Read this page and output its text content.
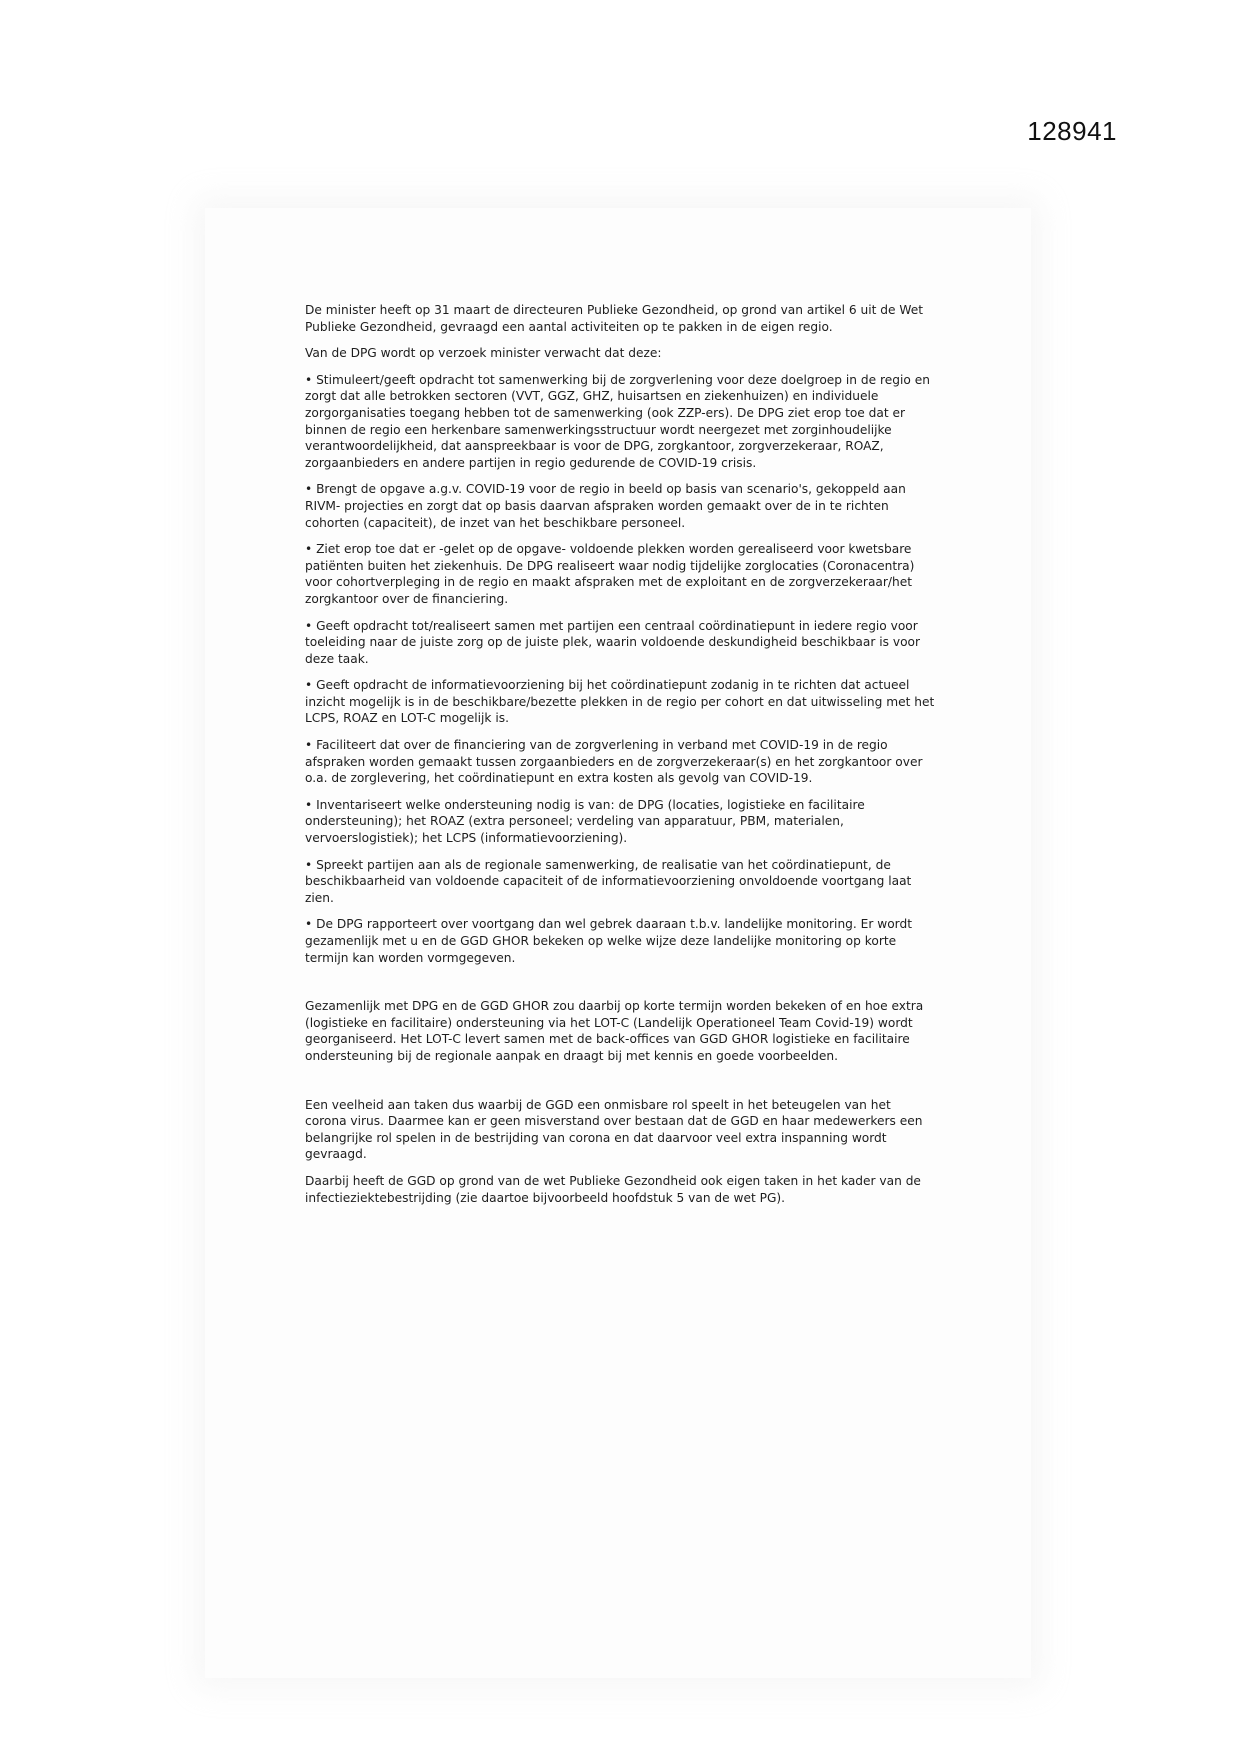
128941

De minister heeft op 31 maart de directeuren Publieke Gezondheid, op grond van artikel 6 uit de Wet Publieke Gezondheid, gevraagd een aantal activiteiten op te pakken in de eigen regio.

Van de DPG wordt op verzoek minister verwacht dat deze:

• Stimuleert/geeft opdracht tot samenwerking bij de zorgverlening voor deze doelgroep in de regio en zorgt dat alle betrokken sectoren (VVT, GGZ, GHZ, huisartsen en ziekenhuizen) en individuele zorgorganisaties toegang hebben tot de samenwerking (ook ZZP-ers). De DPG ziet erop toe dat er binnen de regio een herkenbare samenwerkingsstructuur wordt neergezet met zorginhoudelijke verantwoordelijkheid, dat aanspreekbaar is voor de DPG, zorgkantoor, zorgverzekeraar, ROAZ, zorgaanbieders en andere partijen in regio gedurende de COVID-19 crisis.

• Brengt de opgave a.g.v. COVID-19 voor de regio in beeld op basis van scenario's, gekoppeld aan RIVM- projecties en zorgt dat op basis daarvan afspraken worden gemaakt over de in te richten cohorten (capaciteit), de inzet van het beschikbare personeel.

• Ziet erop toe dat er -gelet op de opgave- voldoende plekken worden gerealiseerd voor kwetsbare patiënten buiten het ziekenhuis. De DPG realiseert waar nodig tijdelijke zorglocaties (Coronacentra) voor cohortverpleging in de regio en maakt afspraken met de exploitant en de zorgverzekeraar/het zorgkantoor over de financiering.

• Geeft opdracht tot/realiseert samen met partijen een centraal coördinatiepunt in iedere regio voor toeleiding naar de juiste zorg op de juiste plek, waarin voldoende deskundigheid beschikbaar is voor deze taak.

• Geeft opdracht de informatievoorziening bij het coördinatiepunt zodanig in te richten dat actueel inzicht mogelijk is in de beschikbare/bezette plekken in de regio per cohort en dat uitwisseling met het LCPS, ROAZ en LOT-C mogelijk is.

• Faciliteert dat over de financiering van de zorgverlening in verband met COVID-19 in de regio afspraken worden gemaakt tussen zorgaanbieders en de zorgverzekeraar(s) en het zorgkantoor over o.a. de zorglevering, het coördinatiepunt en extra kosten als gevolg van COVID-19.

• Inventariseert welke ondersteuning nodig is van: de DPG (locaties, logistieke en facilitaire ondersteuning); het ROAZ (extra personeel; verdeling van apparatuur, PBM, materialen, vervoerslogistiek); het LCPS (informatievoorziening).

• Spreekt partijen aan als de regionale samenwerking, de realisatie van het coördinatiepunt, de beschikbaarheid van voldoende capaciteit of de informatievoorziening onvoldoende voortgang laat zien.

• De DPG rapporteert over voortgang dan wel gebrek daaraan t.b.v. landelijke monitoring. Er wordt gezamenlijk met u en de GGD GHOR bekeken op welke wijze deze landelijke monitoring op korte termijn kan worden vormgegeven.

Gezamenlijk met DPG en de GGD GHOR zou daarbij op korte termijn worden bekeken of en hoe extra (logistieke en facilitaire) ondersteuning via het LOT-C (Landelijk Operationeel Team Covid-19) wordt georganiseerd. Het LOT-C levert samen met de back-offices van GGD GHOR logistieke en facilitaire ondersteuning bij de regionale aanpak en draagt bij met kennis en goede voorbeelden.

Een veelheid aan taken dus waarbij de GGD een onmisbare rol speelt in het beteugelen van het corona virus. Daarmee kan er geen misverstand over bestaan dat de GGD en haar medewerkers een belangrijke rol spelen in de bestrijding van corona en dat daarvoor veel extra inspanning wordt gevraagd.

Daarbij heeft de GGD op grond van de wet Publieke Gezondheid ook eigen taken in het kader van de infectieziektebestrijding (zie daartoe bijvoorbeeld hoofdstuk 5 van de wet PG).
